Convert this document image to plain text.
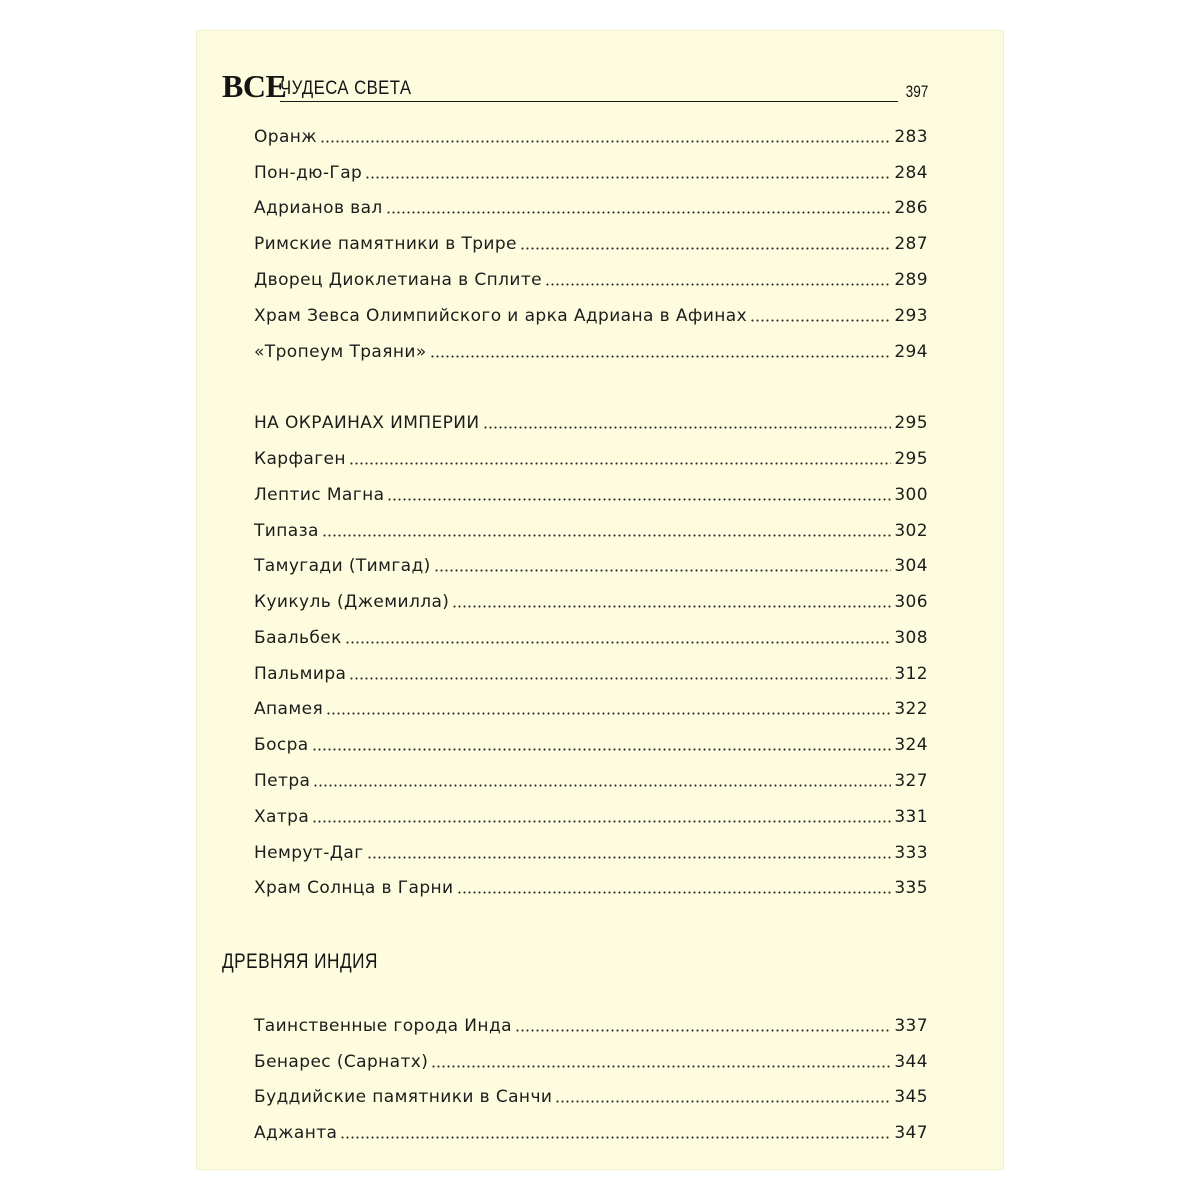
ВСЕ
ЧУДЕСА СВЕТА	397
Оранж	283
Пон-дю-Гар	284
Адрианов вал	286
Римские памятники в Трире	287
Дворец Диоклетиана в Сплите	289
Храм Зевса Олимпийского и арка Адриана в Афинах	293
«Тропеум Траяни»	294
НА ОКРАИНАХ ИМПЕРИИ	295
Карфаген	295
Лептис Магна	300
Типаза	302
Тамугади (Тимгад)	304
Куикуль (Джемилла)	306
Баальбек	308
Пальмира	312
Апамея	322
Босра	324
Петра	327
Хатра	331
Немрут-Даг	333
Храм Солнца в Гарни	335
ДРЕВНЯЯ ИНДИЯ
Таинственные города Инда	337
Бенарес (Сарнатх)	344
Буддийские памятники в Санчи	345
Аджанта	347
